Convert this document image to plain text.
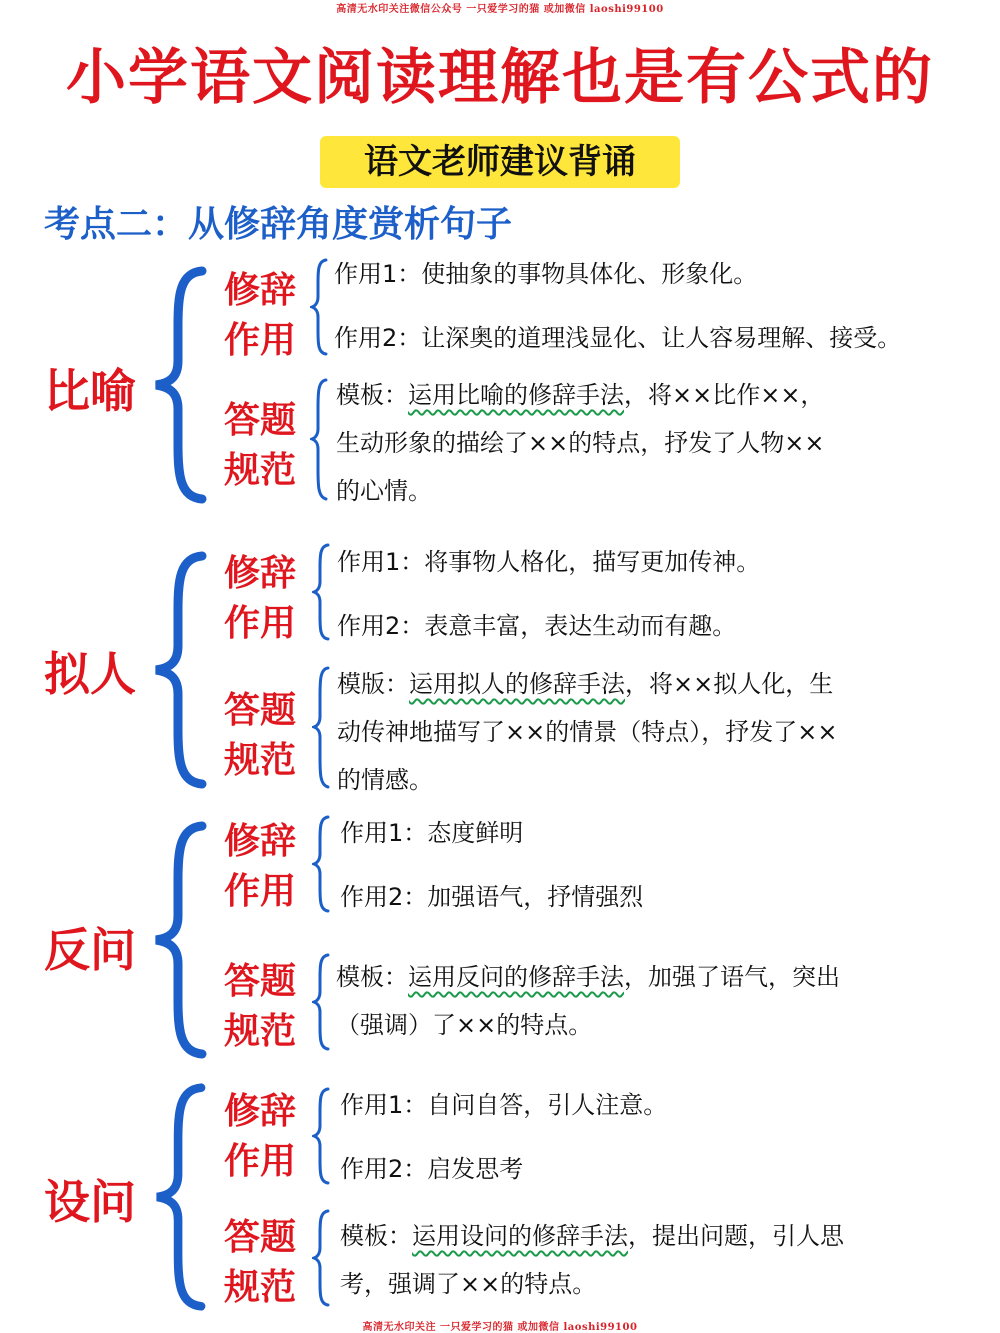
高清无水印关注微信公众号 一只爱学习的猫 或加微信 laoshi99100
小学语文阅读理解也是有公式的
语文老师建议背诵
考点二：从修辞角度赏析句子
比喻
修辞
作用
答题
规范
作用1：使抽象的事物具体化、形象化。
作用2：让深奥的道理浅显化、让人容易理解、接受。
模板：运用比喻的修辞手法，将××比作××，
生动形象的描绘了××的特点，抒发了人物××
的心情。
拟人
修辞
作用
答题
规范
作用1：将事物人格化，描写更加传神。
作用2：表意丰富，表达生动而有趣。
模版：运用拟人的修辞手法，将××拟人化，生
动传神地描写了××的情景（特点），抒发了××
的情感。
反问
修辞
作用
答题
规范
作用1：态度鲜明
作用2：加强语气，抒情强烈
模板：运用反问的修辞手法，加强了语气，突出
（强调）了××的特点。
设问
修辞
作用
答题
规范
作用1：自问自答，引人注意。
作用2：启发思考
模板：运用设问的修辞手法，提出问题，引人思
考，强调了××的特点。
高清无水印关注 一只爱学习的猫 或加微信 laoshi99100
